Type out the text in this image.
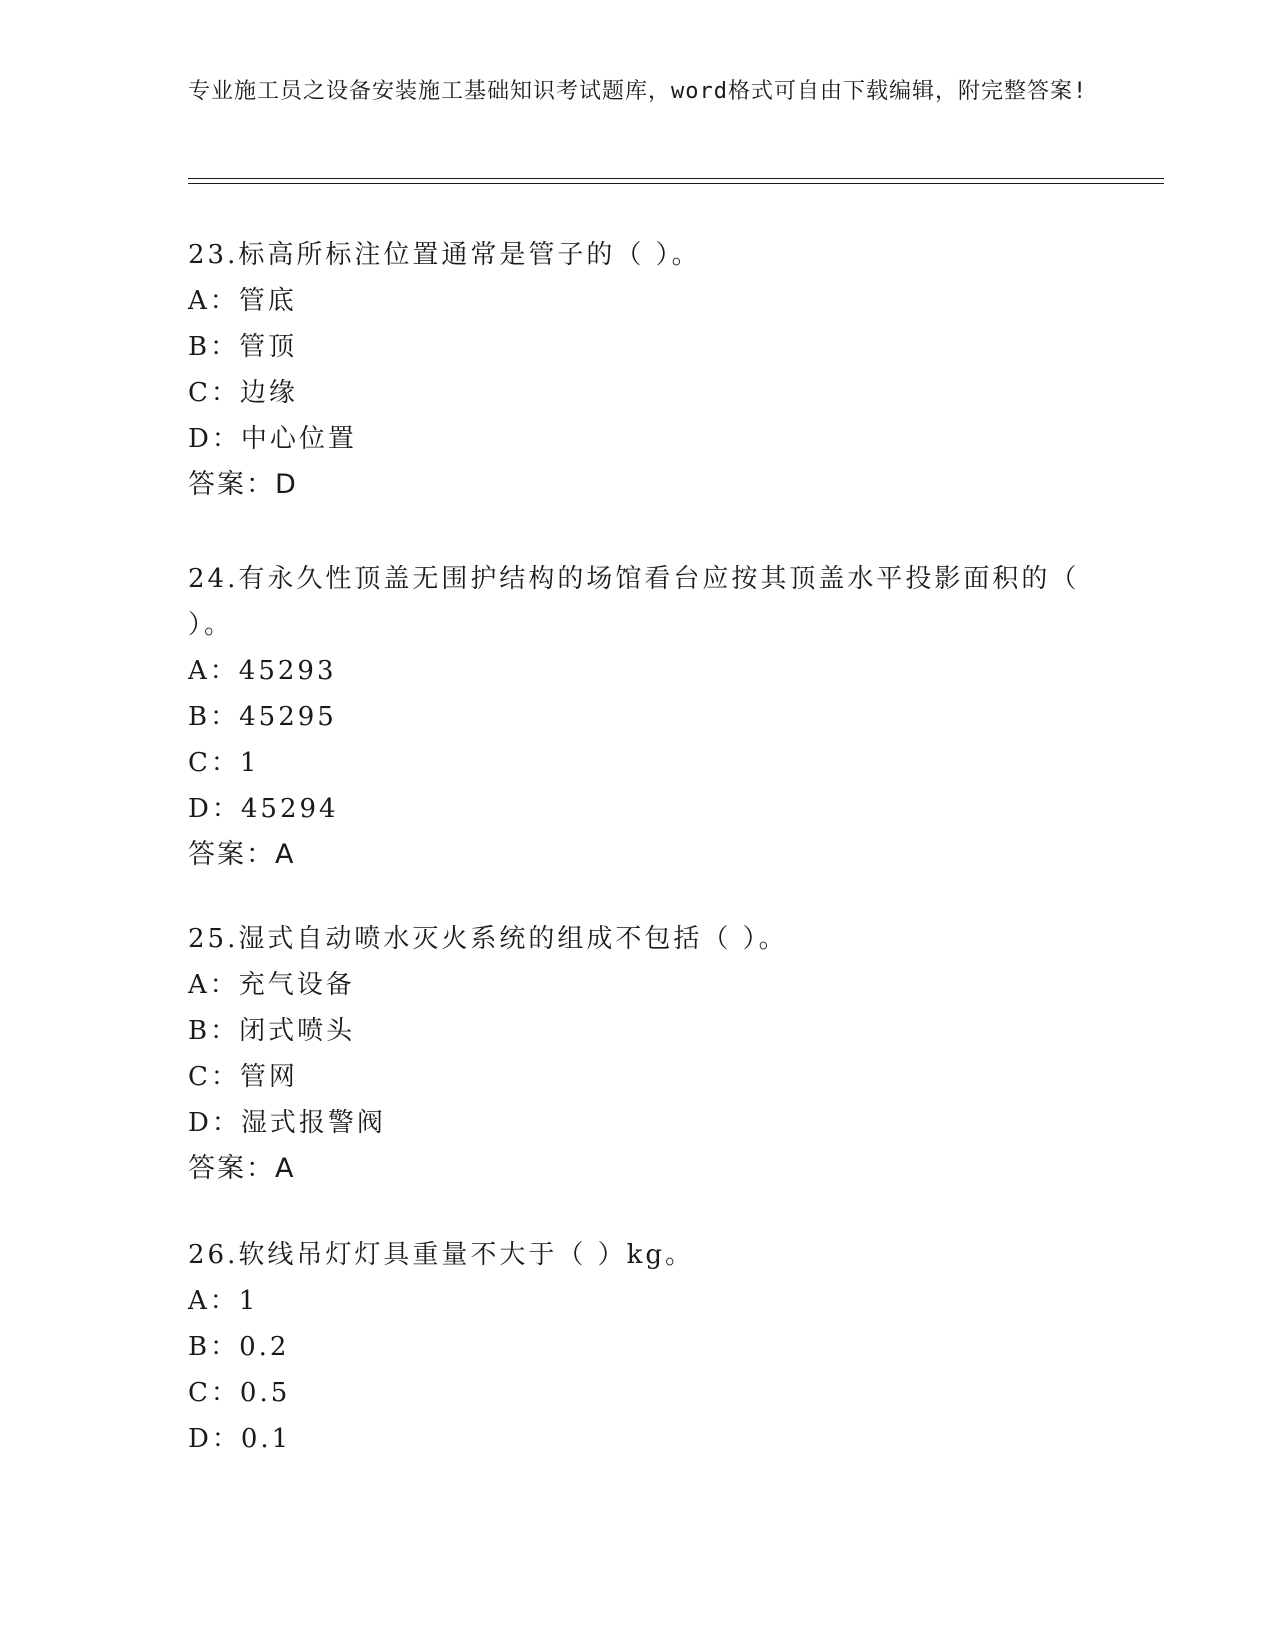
专业施工员之设备安装施工基础知识考试题库，word格式可自由下载编辑，附完整答案!
23.标高所标注位置通常是管子的（ ）。
A：管底
B：管顶
C：边缘
D：中心位置
答案：D
24.有永久性顶盖无围护结构的场馆看台应按其顶盖水平投影面积的（ ）。
A：45293
B：45295
C：1
D：45294
答案：A
25.湿式自动喷水灭火系统的组成不包括（ ）。
A：充气设备
B：闭式喷头
C：管网
D：湿式报警阀
答案：A
26.软线吊灯灯具重量不大于（ ）kg。
A：1
B：0.2
C：0.5
D：0.1
